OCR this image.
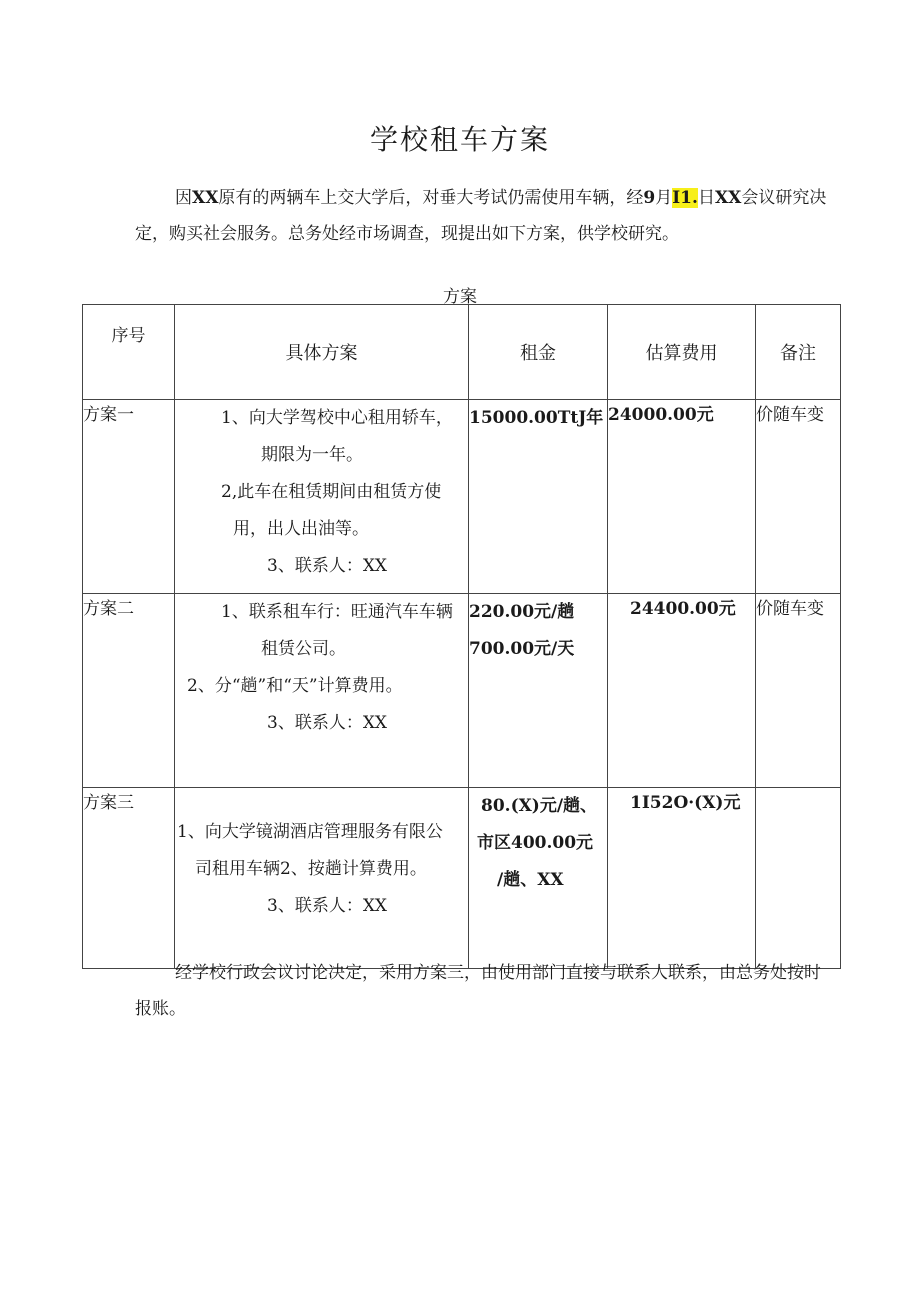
学校租车方案
因XX原有的两辆车上交大学后，对垂大考试仍需使用车辆，经9月I1.日XX会议研究决定，购买社会服务。总务处经市场调查，现提出如下方案，供学校研究。
方案
序号	具体方案	租金	估算费用	备注
方案一	1、向大学驾校中心租用轿车，
期限为一年。
2,此车在租赁期间由租赁方使
用，出人出油等。
3、联系人：XX	15000.00TtJ年	24000.00元	价随车变
方案二	1、联系租车行：旺通汽车车辆
租赁公司。
2、分“趟”和“天”计算费用。
3、联系人：XX	220.00元/趟 700.00元/天	24400.00元	价随车变
方案三	1、向大学镜湖酒店管理服务有限公
司租用车辆2、按趟计算费用。
3、联系人：XX	80.(X)元/趟、 市区400.00元 /趟、XX	1I52O·(X)元	
经学校行政会议讨论决定，采用方案三，由使用部门直接与联系人联系，由总务处按时报账。
